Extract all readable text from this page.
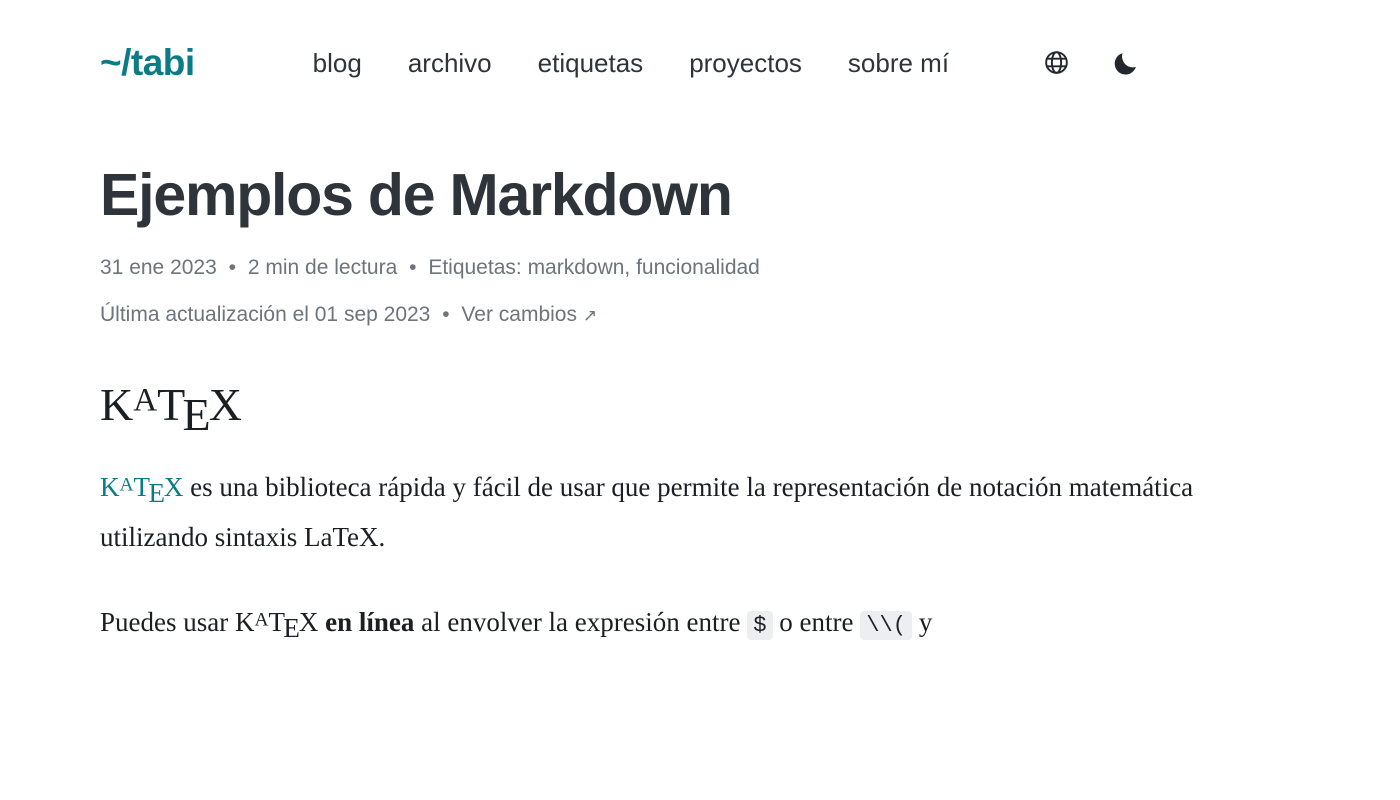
~/tabi	blog archivo etiquetas proyectos sobre mí
Ejemplos de Markdown
31 ene 2023 • 2 min de lectura • Etiquetas: markdown, funcionalidad
Última actualización el 01 sep 2023 • Ver cambios ↗
$K^ATEX$

K$^A$TEX es una biblioteca rápida y fácil de usar que permite la representación de notación matemática utilizando sintaxis LaTeX.

Puedes usar $K^ATEX$ en línea al envolver la expresión entre $ o entre \\( y
